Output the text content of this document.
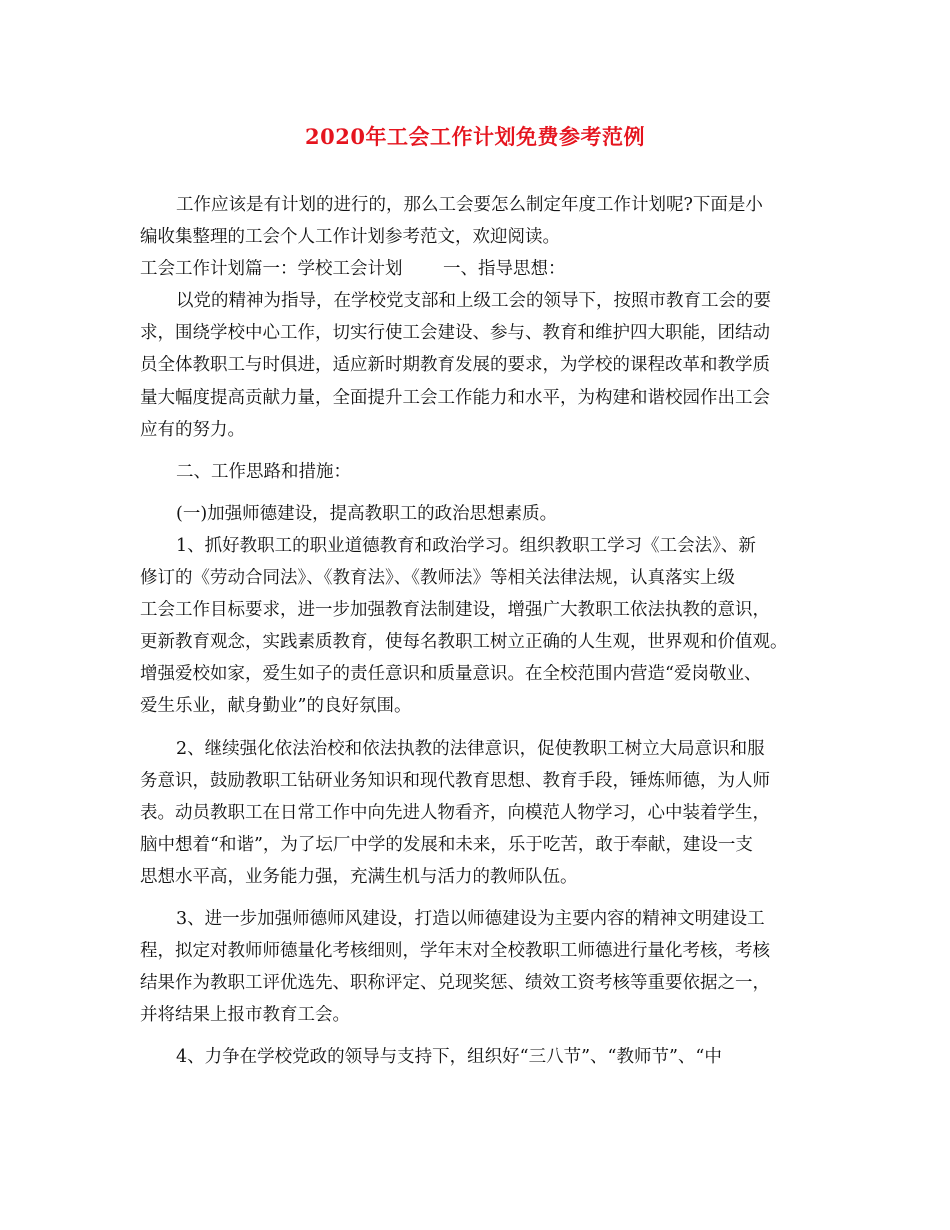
2020年工会工作计划免费参考范例
工作应该是有计划的进行的，那么工会要怎么制定年度工作计划呢?下面是小
编收集整理的工会个人工作计划参考范文，欢迎阅读。
工会工作计划篇一：学校工会计划　　 一、指导思想：
以党的精神为指导，在学校党支部和上级工会的领导下，按照市教育工会的要
求，围绕学校中心工作，切实行使工会建设、参与、教育和维护四大职能，团结动
员全体教职工与时俱进，适应新时期教育发展的要求，为学校的课程改革和教学质
量大幅度提高贡献力量，全面提升工会工作能力和水平，为构建和谐校园作出工会
应有的努力。
二、工作思路和措施：
(一)加强师德建设，提高教职工的政治思想素质。
1、抓好教职工的职业道德教育和政治学习。组织教职工学习《工会法》、新
修订的《劳动合同法》、《教育法》、《教师法》等相关法律法规，认真落实上级
工会工作目标要求，进一步加强教育法制建设，增强广大教职工依法执教的意识，
更新教育观念，实践素质教育，使每名教职工树立正确的人生观，世界观和价值观。
增强爱校如家，爱生如子的责任意识和质量意识。在全校范围内营造“爱岗敬业、
爱生乐业，献身勤业”的良好氛围。
2、继续强化依法治校和依法执教的法律意识，促使教职工树立大局意识和服
务意识，鼓励教职工钻研业务知识和现代教育思想、教育手段，锤炼师德，为人师
表。动员教职工在日常工作中向先进人物看齐，向模范人物学习，心中装着学生，
脑中想着“和谐”，为了坛厂中学的发展和未来，乐于吃苦，敢于奉献，建设一支
思想水平高，业务能力强，充满生机与活力的教师队伍。
3、进一步加强师德师风建设，打造以师德建设为主要内容的精神文明建设工
程，拟定对教师师德量化考核细则，学年末对全校教职工师德进行量化考核，考核
结果作为教职工评优选先、职称评定、兑现奖惩、绩效工资考核等重要依据之一，
并将结果上报市教育工会。
4、力争在学校党政的领导与支持下，组织好“三八节”、“教师节”、“中
